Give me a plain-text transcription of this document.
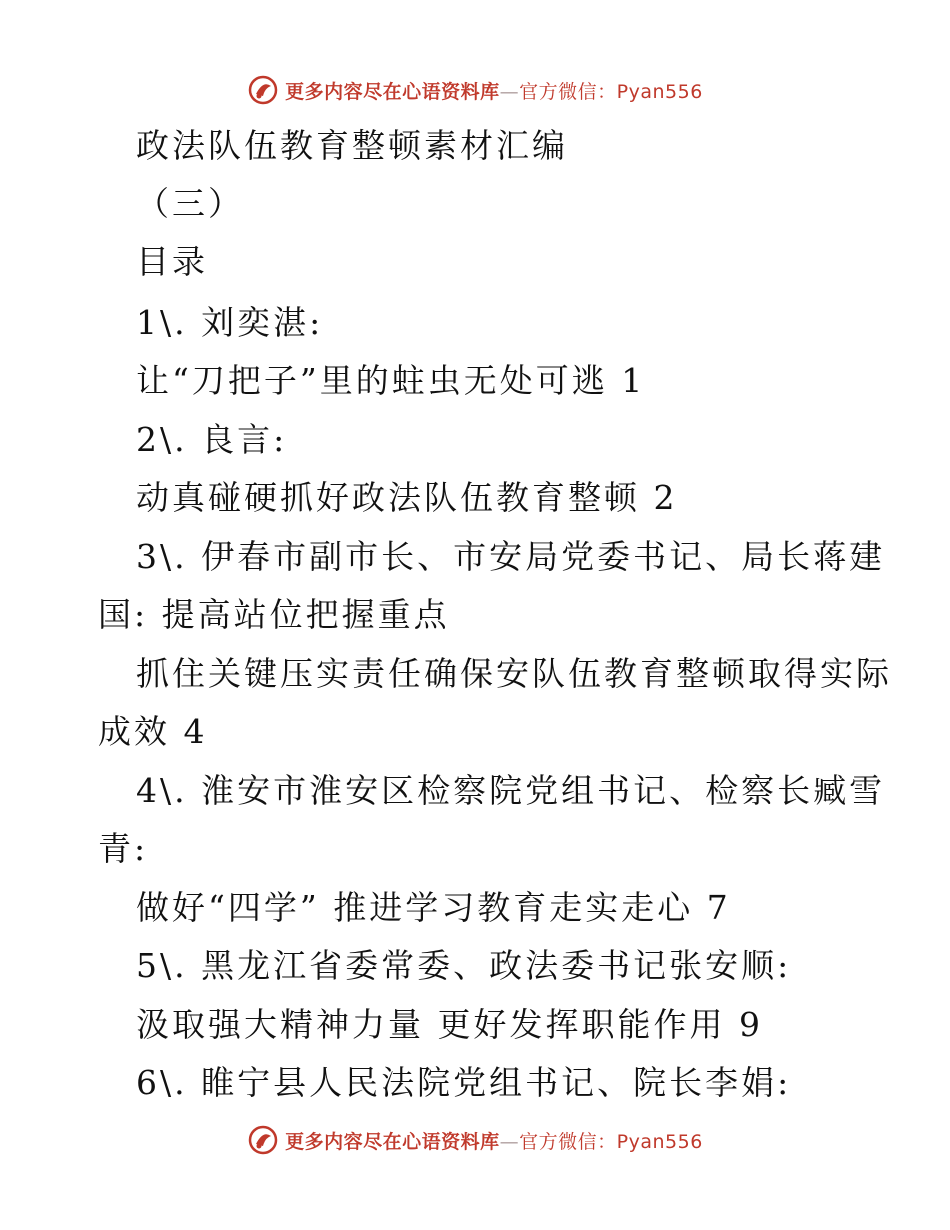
更多内容尽在心语资料库—官方微信：Pyan556
政法队伍教育整顿素材汇编
（三）
目录
1\. 刘奕湛:
让“刀把子”里的蛀虫无处可逃 1
2\. 良言:
动真碰硬抓好政法队伍教育整顿 2
3\. 伊春市副市长、市安局党委书记、局长蒋建
国: 提高站位把握重点
抓住关键压实责任确保安队伍教育整顿取得实际
成效 4
4\. 淮安市淮安区检察院党组书记、检察长臧雪
青:
做好“四学” 推进学习教育走实走心 7
5\. 黑龙江省委常委、政法委书记张安顺:
汲取强大精神力量 更好发挥职能作用 9
6\. 睢宁县人民法院党组书记、院长李娟:
更多内容尽在心语资料库—官方微信：Pyan556
